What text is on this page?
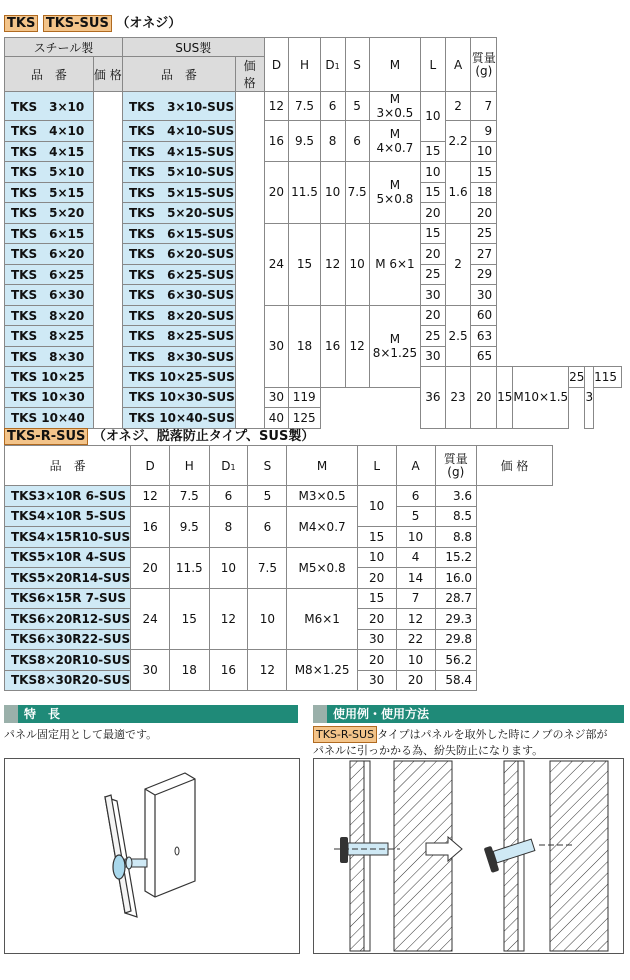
TKS TKS-SUS （オネジ）
スチール製		SUS製		D	H	D1	S	M	L	A	質量
(g)					
品　番	価 格	品　番	価 格													
TKS　3×10		TKS　3×10-SUS		12	7.5	6	5	M 3×0.5	10	2	7					
TKS　4×10		TKS　4×10-SUS		16	9.5	8	6	M 4×0.7		2.2	9					
TKS　4×15		TKS　4×15-SUS							15		10					
TKS　5×10		TKS　5×10-SUS		20	11.5	10	7.5	M 5×0.8	10	1.6	15					
TKS　5×15		TKS　5×15-SUS							15		18					
TKS　5×20		TKS　5×20-SUS							20		20					
TKS　6×15		TKS　6×15-SUS		24	15	12	10	M 6×1	15	2	25					
TKS　6×20		TKS　6×20-SUS							20		27					
TKS　6×25		TKS　6×25-SUS							25		29					
TKS　6×30		TKS　6×30-SUS							30		30					
TKS　8×20		TKS　8×20-SUS		30	18	16	12	M 8×1.25	20	2.5	60					
TKS　8×25		TKS　8×25-SUS							25		63					
TKS　8×30		TKS　8×30-SUS							30		65					
TKS 10×25		TKS 10×25-SUS							36	23	20	15	M10×1.5	25	3	115
TKS 10×30		TKS 10×30-SUS		30	119											
TKS 10×40		TKS 10×40-SUS		40	125											
TKS-R-SUS （オネジ、脱落防止タイプ、SUS製）
品　番	D	H	D1	S	M	L	A	質量
(g)	価 格
TKS3×10R 6-SUS	12	7.5	6	5	M3×0.5	10	6	3.6	
TKS4×10R 5-SUS	16	9.5	8	6	M4×0.7		5	8.5	
TKS4×15R10-SUS						15	10	8.8	
TKS5×10R 4-SUS	20	11.5	10	7.5	M5×0.8	10	4	15.2	
TKS5×20R14-SUS						20	14	16.0	
TKS6×15R 7-SUS	24	15	12	10	M6×1	15	7	28.7	
TKS6×20R12-SUS						20	12	29.3	
TKS6×30R22-SUS						30	22	29.8	
TKS8×20R10-SUS	30	18	16	12	M8×1.25	20	10	56.2	
TKS8×30R20-SUS						30	20	58.4	
特　長
パネル固定用として最適です。
使用例・使用方法
TKS-R-SUS タイプはパネルを取外した時にノブのネジ部が
パネルに引っかかる為、紛失防止になります。
